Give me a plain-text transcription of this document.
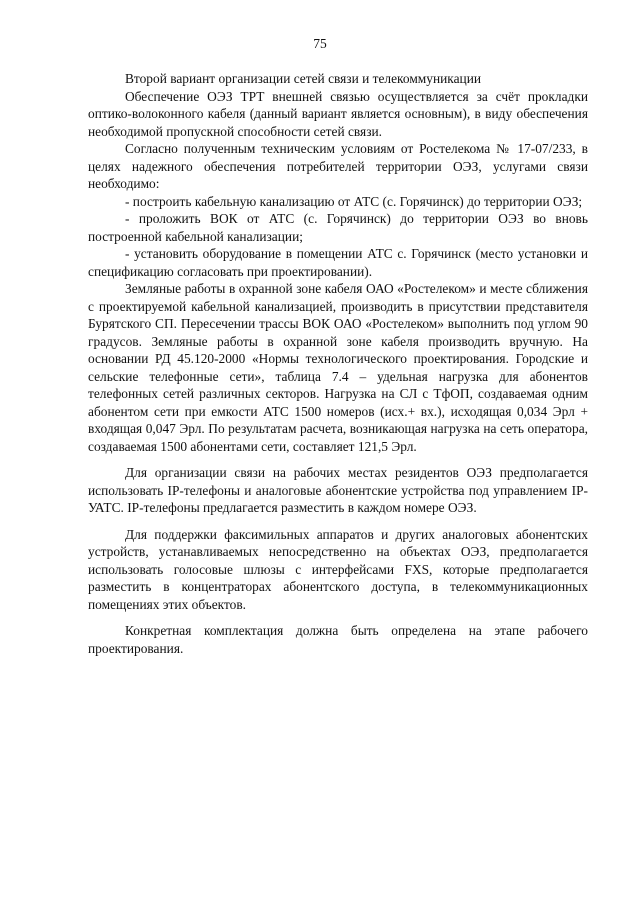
75

Второй вариант организации сетей связи и телекоммуникации

Обеспечение ОЭЗ ТРТ внешней связью осуществляется за счёт прокладки оптико-волоконного кабеля (данный вариант является основным), в виду обеспечения необходимой пропускной способности сетей связи.

Согласно полученным техническим условиям от Ростелекома № 17-07/233, в целях надежного обеспечения потребителей территории ОЭЗ, услугами связи необходимо:

- построить кабельную канализацию от АТС (с. Горячинск) до территории ОЭЗ;

- проложить ВОК от АТС (с. Горячинск) до территории ОЭЗ во вновь построенной кабельной канализации;

- установить оборудование в помещении АТС с. Горячинск (место установки и спецификацию согласовать при проектировании).

Земляные работы в охранной зоне кабеля ОАО «Ростелеком» и месте сближения с проектируемой кабельной канализацией, производить в присутствии представителя Бурятского СП. Пересечении трассы ВОК ОАО «Ростелеком» выполнить под углом 90 градусов. Земляные работы в охранной зоне кабеля производить вручную. На основании РД 45.120-2000 «Нормы технологического проектирования. Городские и сельские телефонные сети», таблица 7.4 – удельная нагрузка для абонентов телефонных сетей различных секторов. Нагрузка на СЛ с ТфОП, создаваемая одним абонентом сети при емкости АТС 1500 номеров (исх.+ вх.), исходящая 0,034 Эрл + входящая 0,047 Эрл. По результатам расчета, возникающая нагрузка на сеть оператора, создаваемая 1500 абонентами сети, составляет 121,5 Эрл.

Для организации связи на рабочих местах резидентов ОЭЗ предполагается использовать IP-телефоны и аналоговые абонентские устройства под управлением IP-УАТС. IP-телефоны предлагается разместить в каждом номере ОЭЗ.

Для поддержки факсимильных аппаратов и других аналоговых абонентских устройств, устанавливаемых непосредственно на объектах ОЭЗ, предполагается использовать голосовые шлюзы с интерфейсами FXS, которые предполагается разместить в концентраторах абонентского доступа, в телекоммуникационных помещениях этих объектов.

Конкретная комплектация должна быть определена на этапе рабочего проектирования.
